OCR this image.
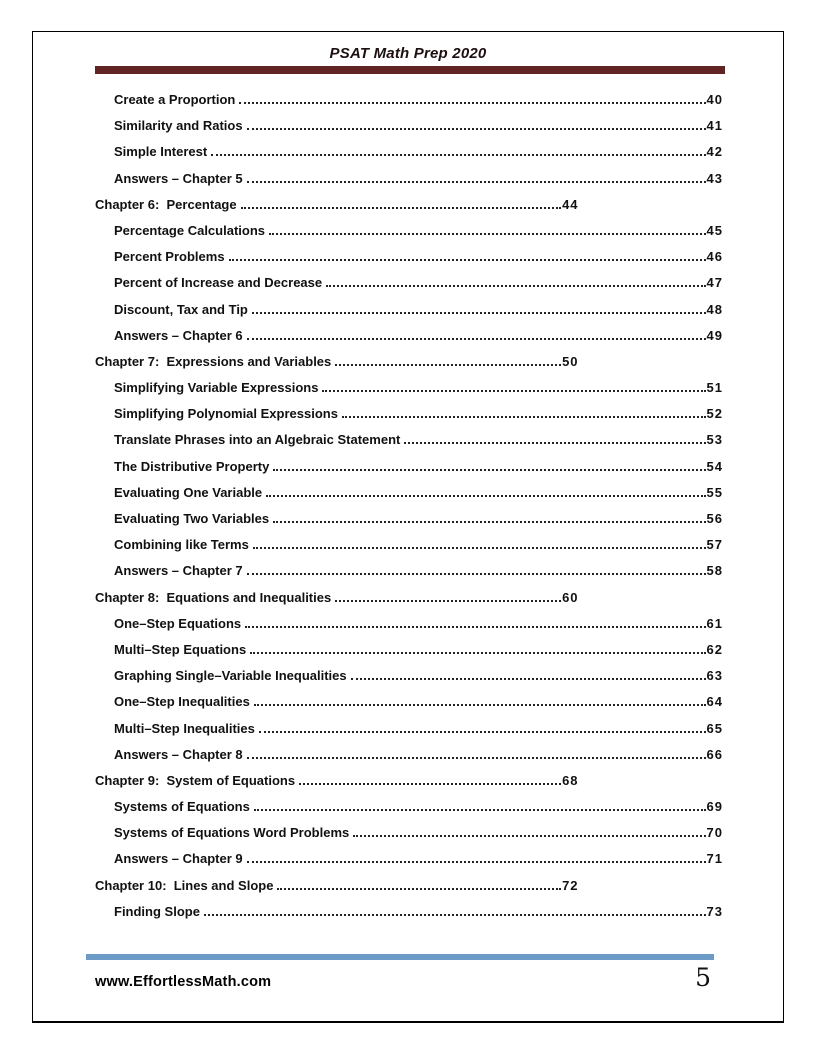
PSAT Math Prep 2020
Create a Proportion	40
Similarity and Ratios	41
Simple Interest	42
Answers – Chapter 5	43
Chapter 6:  Percentage	44
Percentage Calculations	45
Percent Problems	46
Percent of Increase and Decrease	47
Discount, Tax and Tip	48
Answers – Chapter 6	49
Chapter 7:  Expressions and Variables	50
Simplifying Variable Expressions	51
Simplifying Polynomial Expressions	52
Translate Phrases into an Algebraic Statement	53
The Distributive Property	54
Evaluating One Variable	55
Evaluating Two Variables	56
Combining like Terms	57
Answers – Chapter 7	58
Chapter 8:  Equations and Inequalities	60
One–Step Equations	61
Multi–Step Equations	62
Graphing Single–Variable Inequalities	63
One–Step Inequalities	64
Multi–Step Inequalities	65
Answers – Chapter 8	66
Chapter 9:  System of Equations	68
Systems of Equations	69
Systems of Equations Word Problems	70
Answers – Chapter 9	71
Chapter 10:  Lines and Slope	72
Finding Slope	73
www.EffortlessMath.com	5
